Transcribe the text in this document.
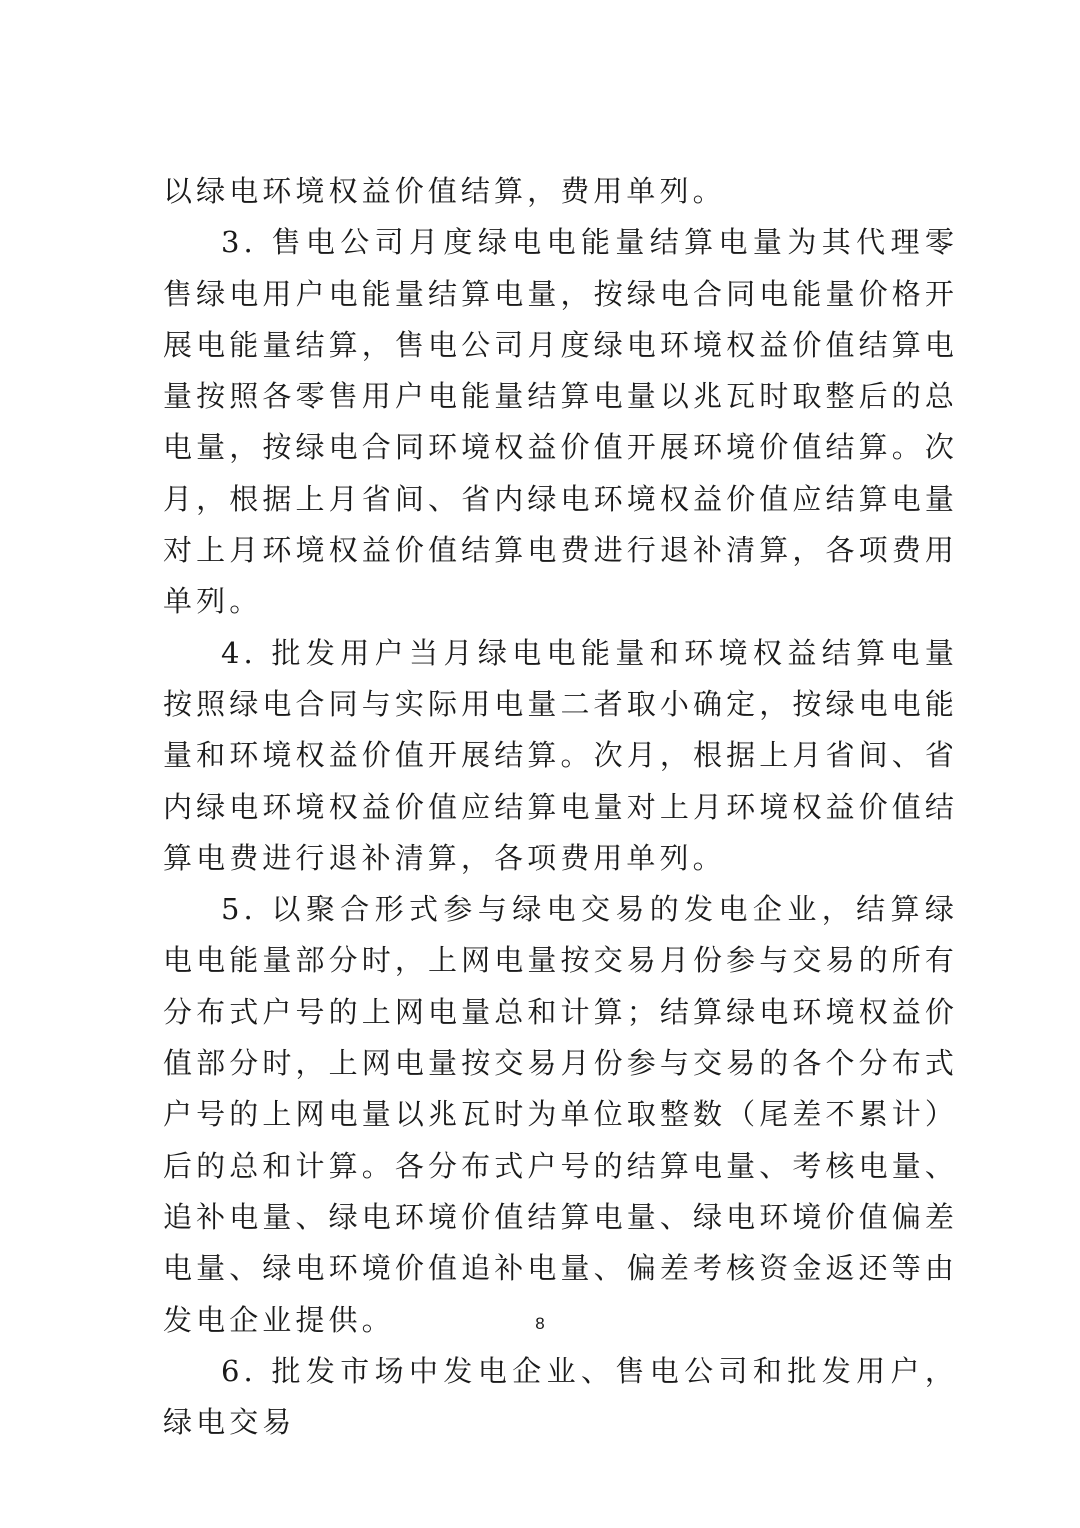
以绿电环境权益价值结算，费用单列。

3. 售电公司月度绿电电能量结算电量为其代理零售绿电用户电能量结算电量，按绿电合同电能量价格开展电能量结算，售电公司月度绿电环境权益价值结算电量按照各零售用户电能量结算电量以兆瓦时取整后的总电量，按绿电合同环境权益价值开展环境价值结算。次月，根据上月省间、省内绿电环境权益价值应结算电量对上月环境权益价值结算电费进行退补清算，各项费用单列。

4. 批发用户当月绿电电能量和环境权益结算电量按照绿电合同与实际用电量二者取小确定，按绿电电能量和环境权益价值开展结算。次月，根据上月省间、省内绿电环境权益价值应结算电量对上月环境权益价值结算电费进行退补清算，各项费用单列。

5. 以聚合形式参与绿电交易的发电企业，结算绿电电能量部分时，上网电量按交易月份参与交易的所有分布式户号的上网电量总和计算；结算绿电环境权益价值部分时，上网电量按交易月份参与交易的各个分布式户号的上网电量以兆瓦时为单位取整数（尾差不累计）后的总和计算。各分布式户号的结算电量、考核电量、追补电量、绿电环境价值结算电量、绿电环境价值偏差电量、绿电环境价值追补电量、偏差考核资金返还等由发电企业提供。

6. 批发市场中发电企业、售电公司和批发用户，绿电交易

8
